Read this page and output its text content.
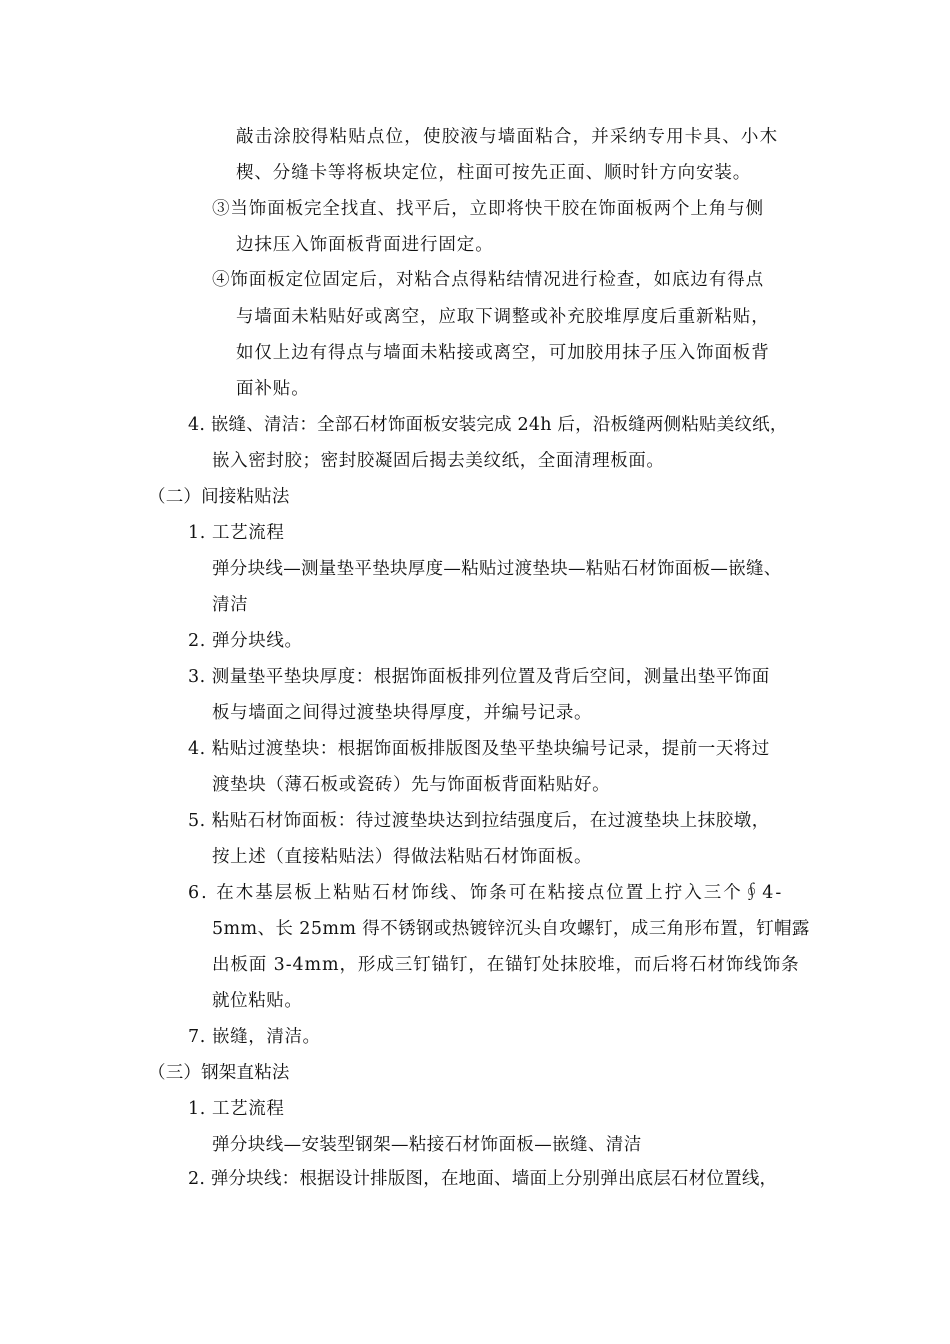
敲击涂胶得粘贴点位，使胶液与墙面粘合，并采纳专用卡具、小木
楔、分缝卡等将板块定位，柱面可按先正面、顺时针方向安装。
③当饰面板完全找直、找平后，立即将快干胶在饰面板两个上角与侧
边抹压入饰面板背面进行固定。
④饰面板定位固定后，对粘合点得粘结情况进行检查，如底边有得点
与墙面未粘贴好或离空，应取下调整或补充胶堆厚度后重新粘贴，
如仅上边有得点与墙面未粘接或离空，可加胶用抹子压入饰面板背
面补贴。
4. 嵌缝、清洁：全部石材饰面板安装完成 24h 后，沿板缝两侧粘贴美纹纸，
嵌入密封胶；密封胶凝固后揭去美纹纸，全面清理板面。
（二）间接粘贴法
1. 工艺流程
弹分块线—测量垫平垫块厚度—粘贴过渡垫块—粘贴石材饰面板—嵌缝、
清洁
2. 弹分块线。
3. 测量垫平垫块厚度：根据饰面板排列位置及背后空间，测量出垫平饰面
板与墙面之间得过渡垫块得厚度，并编号记录。
4. 粘贴过渡垫块：根据饰面板排版图及垫平垫块编号记录，提前一天将过
渡垫块（薄石板或瓷砖）先与饰面板背面粘贴好。
5. 粘贴石材饰面板：待过渡垫块达到拉结强度后，在过渡垫块上抹胶墩，
按上述（直接粘贴法）得做法粘贴石材饰面板。
6. 在木基层板上粘贴石材饰线、饰条可在粘接点位置上拧入三个∮4-
5mm、长 25mm 得不锈钢或热镀锌沉头自攻螺钉，成三角形布置，钉帽露
出板面 3-4mm，形成三钉锚钉，在锚钉处抹胶堆，而后将石材饰线饰条
就位粘贴。
7. 嵌缝，清洁。
（三）钢架直粘法
1. 工艺流程
弹分块线—安装型钢架—粘接石材饰面板—嵌缝、清洁
2. 弹分块线：根据设计排版图，在地面、墙面上分别弹出底层石材位置线，
